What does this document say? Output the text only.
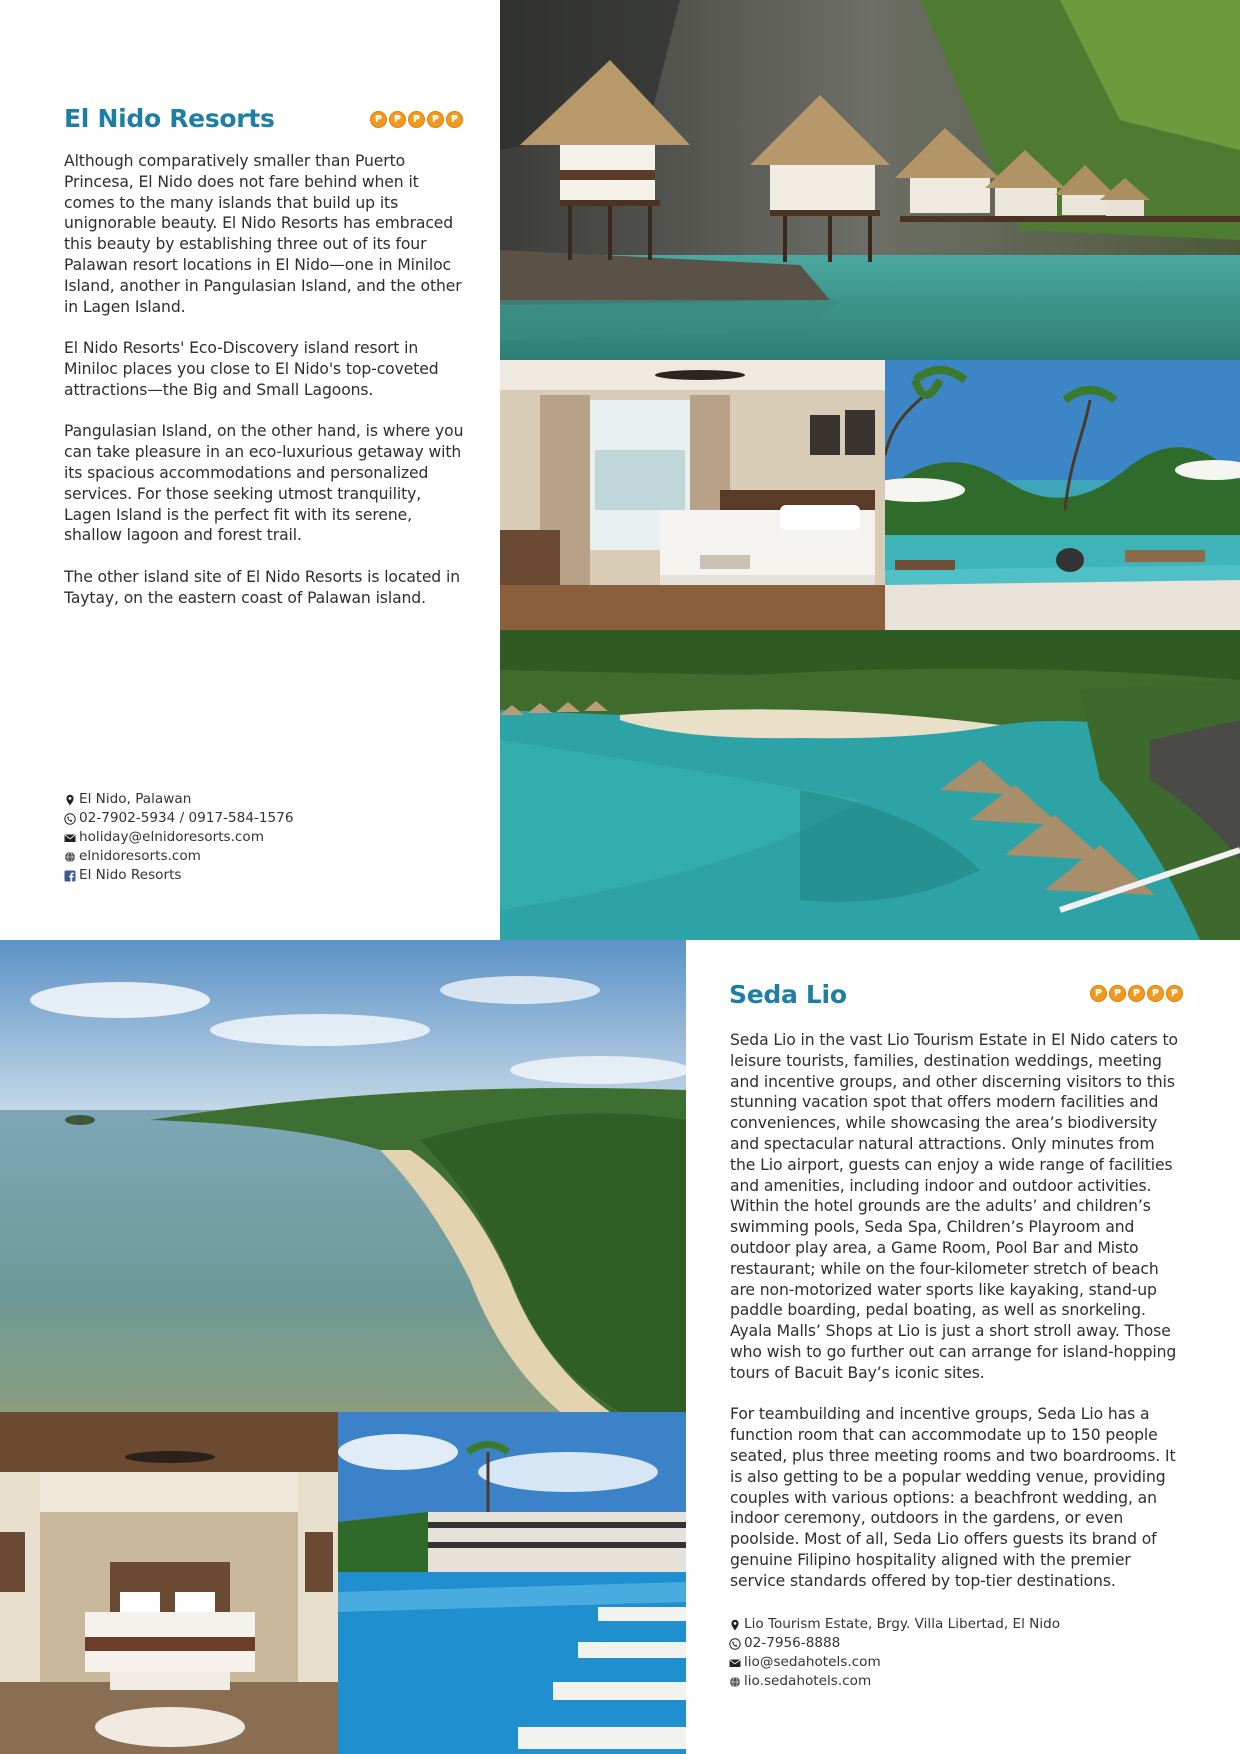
El Nido Resorts	₱	₱	₱	₱	₱

Although comparatively smaller than Puerto Princesa, El Nido does not fare behind when it comes to the many islands that build up its unignorable beauty. El Nido Resorts has embraced this beauty by establishing three out of its four Palawan resort locations in El Nido—one in Miniloc Island, another in Pangulasian Island, and the other in Lagen Island.

El Nido Resorts' Eco-Discovery island resort in Miniloc places you close to El Nido's top-coveted attractions—the Big and Small Lagoons.

Pangulasian Island, on the other hand, is where you can take pleasure in an eco-luxurious getaway with its spacious accommodations and personalized services. For those seeking utmost tranquility, Lagen Island is the perfect fit with its serene, shallow lagoon and forest trail.

The other island site of El Nido Resorts is located in Taytay, on the eastern coast of Palawan island.

El Nido, Palawan
02-7902-5934 / 0917-584-1576
holiday@elnidoresorts.com
elnidoresorts.com
El Nido Resorts
Seda Lio	₱	₱	₱	₱	₱

Seda Lio in the vast Lio Tourism Estate in El Nido caters to leisure tourists, families, destination weddings, meeting and incentive groups, and other discerning visitors to this stunning vacation spot that offers modern facilities and conveniences, while showcasing the area’s biodiversity and spectacular natural attractions. Only minutes from the Lio airport, guests can enjoy a wide range of facilities and amenities, including indoor and outdoor activities. Within the hotel grounds are the adults’ and children’s swimming pools, Seda Spa, Children’s Playroom and outdoor play area, a Game Room, Pool Bar and Misto restaurant; while on the four-kilometer stretch of beach are non-motorized water sports like kayaking, stand-up paddle boarding, pedal boating, as well as snorkeling. Ayala Malls’ Shops at Lio is just a short stroll away. Those who wish to go further out can arrange for island-hopping tours of Bacuit Bay’s iconic sites.

For teambuilding and incentive groups, Seda Lio has a function room that can accommodate up to 150 people seated, plus three meeting rooms and two boardrooms. It is also getting to be a popular wedding venue, providing couples with various options: a beachfront wedding, an indoor ceremony, outdoors in the gardens, or even poolside. Most of all, Seda Lio offers guests its brand of genuine Filipino hospitality aligned with the premier service standards offered by top-tier destinations.

Lio Tourism Estate, Brgy. Villa Libertad, El Nido
02-7956-8888
lio@sedahotels.com
lio.sedahotels.com
